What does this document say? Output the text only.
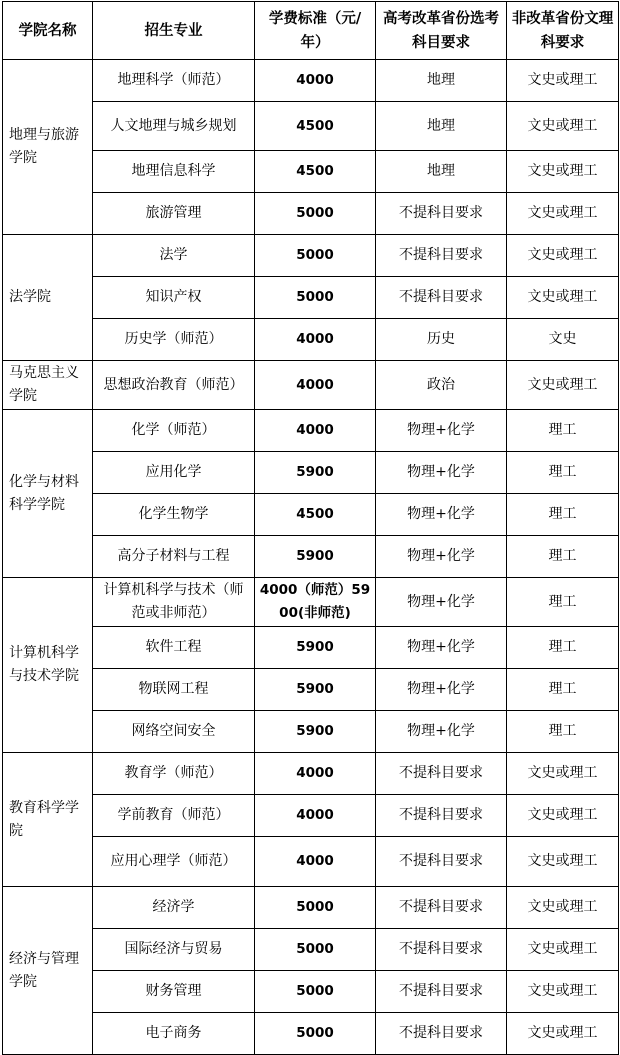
学院名称	招生专业	学费标准（元/年）	高考改革省份选考科目要求	非改革省份文理科要求
地理与旅游学院	地理科学（师范）	4000	地理	文史或理工
	人文地理与城乡规划	4500	地理	文史或理工
	地理信息科学	4500	地理	文史或理工
	旅游管理	5000	不提科目要求	文史或理工
法学院	法学	5000	不提科目要求	文史或理工
	知识产权	5000	不提科目要求	文史或理工
	历史学（师范）	4000	历史	文史
马克思主义学院	思想政治教育（师范）	4000	政治	文史或理工
化学与材料科学学院	化学（师范）	4000	物理+化学	理工
	应用化学	5900	物理+化学	理工
	化学生物学	4500	物理+化学	理工
	高分子材料与工程	5900	物理+化学	理工
计算机科学与技术学院	计算机科学与技术（师范或非师范）	4000（师范）5900(非师范)	物理+化学	理工
	软件工程	5900	物理+化学	理工
	物联网工程	5900	物理+化学	理工
	网络空间安全	5900	物理+化学	理工
教育科学学院	教育学（师范）	4000	不提科目要求	文史或理工
	学前教育（师范）	4000	不提科目要求	文史或理工
	应用心理学（师范）	4000	不提科目要求	文史或理工
经济与管理学院	经济学	5000	不提科目要求	文史或理工
	国际经济与贸易	5000	不提科目要求	文史或理工
	财务管理	5000	不提科目要求	文史或理工
	电子商务	5000	不提科目要求	文史或理工
